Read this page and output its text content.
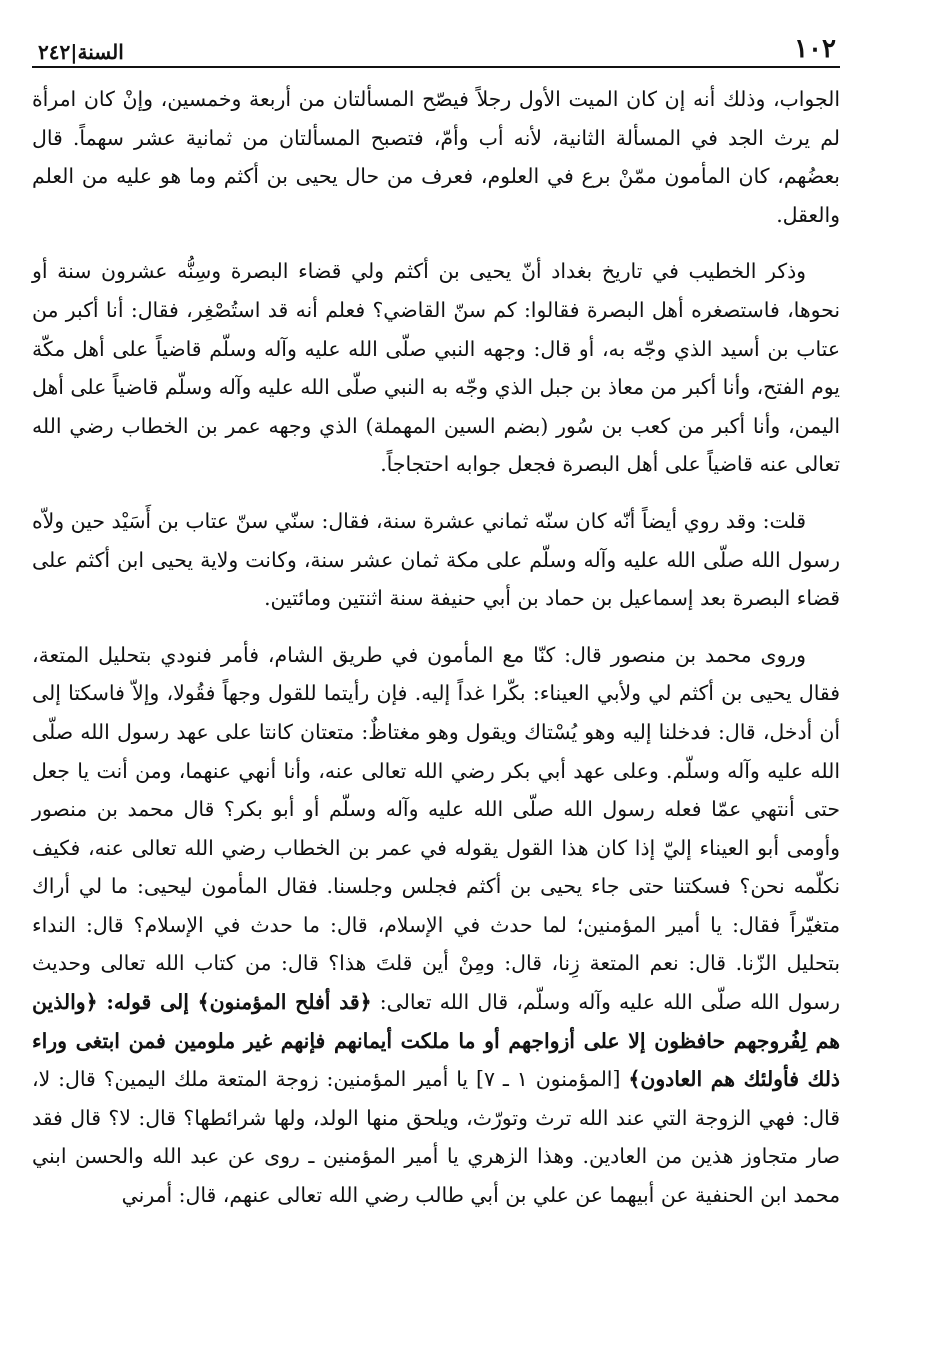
١٠٢
السنة|٢٤٢

الجواب، وذلك أنه إن كان الميت الأول رجلاً فيصّح المسألتان من أربعة وخمسين، وإنْ كان امرأة لم يرث الجد في المسألة الثانية، لأنه أب وأمّ، فتصبح المسألتان من ثمانية عشر سهماً. قال بعضُهم، كان المأمون ممّنْ برع في العلوم، فعرف من حال يحيى بن أكثم وما هو عليه من العلم والعقل.

وذكر الخطيب في تاريخ بغداد أنّ يحيى بن أكثم ولي قضاء البصرة وسِنُّه عشرون سنة أو نحوها، فاستصغره أهل البصرة فقالوا: كم سنّ القاضي؟ فعلم أنه قد استُصْغِر، فقال: أنا أكبر من عتاب بن أسيد الذي وجّه به، أو قال: وجهه النبي صلّى الله عليه وآله وسلّم قاضياً على أهل مكّة يوم الفتح، وأنا أكبر من معاذ بن جبل الذي وجّه به النبي صلّى الله عليه وآله وسلّم قاضياً على أهل اليمن، وأنا أكبر من كعب بن سُور (بضم السين المهملة) الذي وجهه عمر بن الخطاب رضي الله تعالى عنه قاضياً على أهل البصرة فجعل جوابه احتجاجاً.

قلت: وقد روي أيضاً أنّه كان سنّه ثماني عشرة سنة، فقال: سنّي سنّ عتاب بن أَسَيْد حين ولاّه رسول الله صلّى الله عليه وآله وسلّم على مكة ثمان عشر سنة، وكانت ولاية يحيى ابن أكثم على قضاء البصرة بعد إسماعيل بن حماد بن أبي حنيفة سنة اثنتين ومائتين.

وروى محمد بن منصور قال: كنّا مع المأمون في طريق الشام، فأمر فنودي بتحليل المتعة، فقال يحيى بن أكثم لي ولأبي العيناء: بكّرا غداً إليه. فإن رأيتما للقول وجهاً فقُولا، وإلاّ فاسكتا إلى أن أدخل، قال: فدخلنا إليه وهو يُسْتاك ويقول وهو مغتاظٌ: متعتان كانتا على عهد رسول الله صلّى الله عليه وآله وسلّم. وعلى عهد أبي بكر رضي الله تعالى عنه، وأنا أنهي عنهما، ومن أنت يا جعل حتى أنتهي عمّا فعله رسول الله صلّى الله عليه وآله وسلّم أو أبو بكر؟ قال محمد بن منصور وأومى أبو العيناء إليّ إذا كان هذا القول يقوله في عمر بن الخطاب رضي الله تعالى عنه، فكيف نكلّمه نحن؟ فسكتنا حتى جاء يحيى بن أكثم فجلس وجلسنا. فقال المأمون ليحيى: ما لي أراك متغيّراً فقال: يا أمير المؤمنين؛ لما حدث في الإسلام، قال: ما حدث في الإسلام؟ قال: النداء بتحليل الزّنا. قال: نعم المتعة زِنا، قال: ومِنْ أين قلتَ هذا؟ قال: من كتاب الله تعالى وحديث رسول الله صلّى الله عليه وآله وسلّم، قال الله تعالى: ﴿قد أفلح المؤمنون﴾ إلى قوله: ﴿والذين هم لِفُروجهم حافظون إلا على أزواجهم أو ما ملكت أيمانهم فإنهم غير ملومين فمن ابتغى وراء ذلك فأولئك هم العادون﴾ [المؤمنون ١ ـ ٧] يا أمير المؤمنين: زوجة المتعة ملك اليمين؟ قال: لا، قال: فهي الزوجة التي عند الله ترث وتورّث، ويلحق منها الولد، ولها شرائطها؟ قال: لا؟ قال فقد صار متجاوز هذين من العادين. وهذا الزهري يا أمير المؤمنين ـ روى عن عبد الله والحسن ابني محمد ابن الحنفية عن أبيهما عن علي بن أبي طالب رضي الله تعالى عنهم، قال: أمرني
